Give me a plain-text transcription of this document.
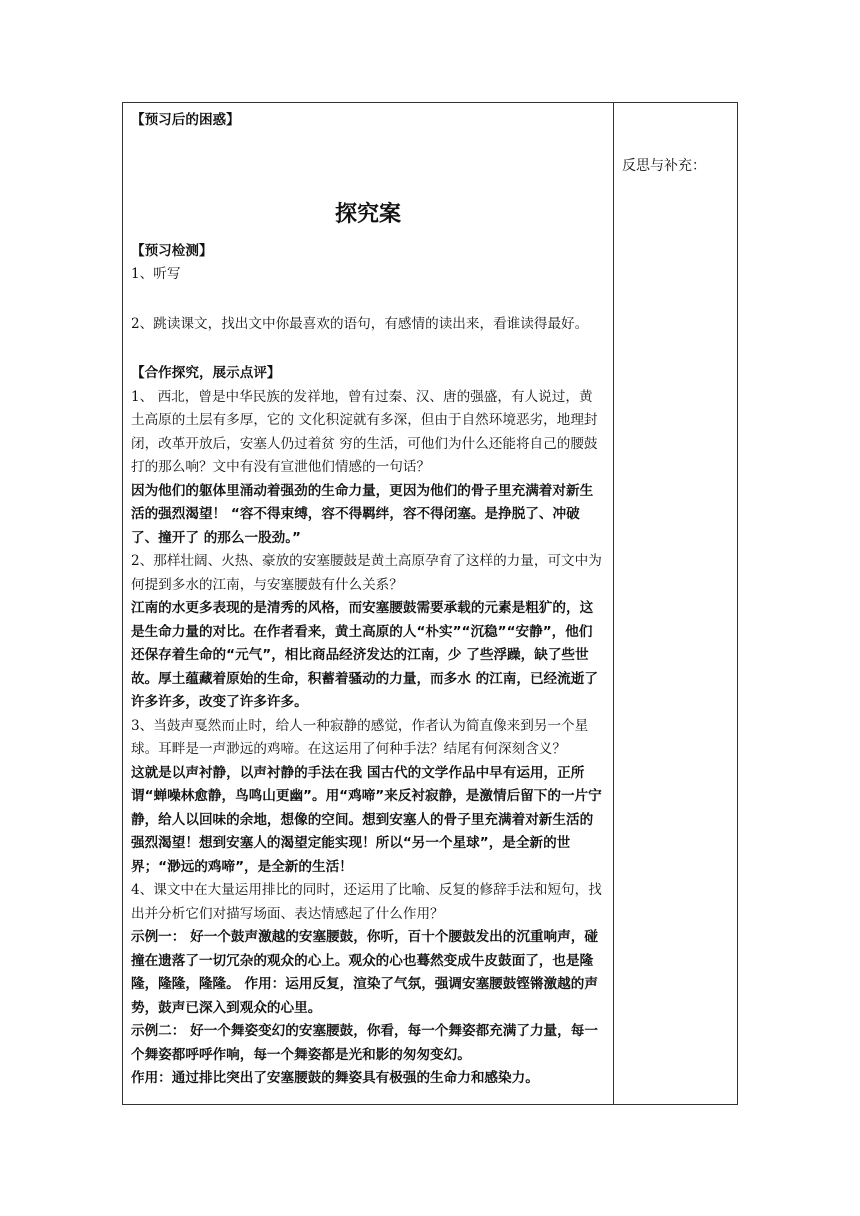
【预习后的困惑】

探究案

【预习检测】

1、听写

2、跳读课文，找出文中你最喜欢的语句，有感情的读出来，看谁读得最好。

【合作探究，展示点评】

1、 西北，曾是中华民族的发祥地，曾有过秦、汉、唐的强盛，有人说过，黄土高原的土层有多厚，它的 文化积淀就有多深，但由于自然环境恶劣，地理封闭，改革开放后，安塞人仍过着贫 穷的生活，可他们为什么还能将自己的腰鼓打的那么响？文中有没有宣泄他们情感的一句话？

因为他们的躯体里涌动着强劲的生命力量，更因为他们的骨子里充满着对新生活的强烈渴望！ “容不得束缚，容不得羁绊，容不得闭塞。是挣脱了、冲破了、撞开了 的那么一股劲。”

2、那样壮阔、火热、豪放的安塞腰鼓是黄土高原孕育了这样的力量，可文中为何提到多水的江南，与安塞腰鼓有什么关系？

江南的水更多表现的是清秀的风格，而安塞腰鼓需要承载的元素是粗犷的，这是生命力量的对比。在作者看来，黄土高原的人“朴实”“沉稳”“安静”，他们还保存着生命的“元气”，相比商品经济发达的江南，少 了些浮躁，缺了些世故。厚土蕴藏着原始的生命，积蓄着骚动的力量，而多水 的江南，已经流逝了许多许多，改变了许多许多。

3、当鼓声戛然而止时，给人一种寂静的感觉，作者认为简直像来到另一个星球。耳畔是一声渺远的鸡啼。在这运用了何种手法？结尾有何深刻含义？

这就是以声衬静，以声衬静的手法在我 国古代的文学作品中早有运用，正所谓“蝉噪林愈静，鸟鸣山更幽”。用“鸡啼”来反衬寂静，是激情后留下的一片宁静，给人以回味的余地，想像的空间。想到安塞人的骨子里充满着对新生活的强烈渴望！想到安塞人的渴望定能实现！所以“另一个星球”，是全新的世界；“渺远的鸡啼”，是全新的生活！

4、课文中在大量运用排比的同时，还运用了比喻、反复的修辞手法和短句，找出并分析它们对描写场面、表达情感起了什么作用？

示例一： 好一个鼓声激越的安塞腰鼓，你听，百十个腰鼓发出的沉重响声，碰撞在遗落了一切冗杂的观众的心上。观众的心也蓦然变成牛皮鼓面了，也是隆隆，隆隆，隆隆。 作用：运用反复，渲染了气氛，强调安塞腰鼓铿锵激越的声势，鼓声已深入到观众的心里。

示例二： 好一个舞姿变幻的安塞腰鼓，你看，每一个舞姿都充满了力量，每一个舞姿都呼呼作响，每一个舞姿都是光和影的匆匆变幻。

作用：通过排比突出了安塞腰鼓的舞姿具有极强的生命力和感染力。

反思与补充：
